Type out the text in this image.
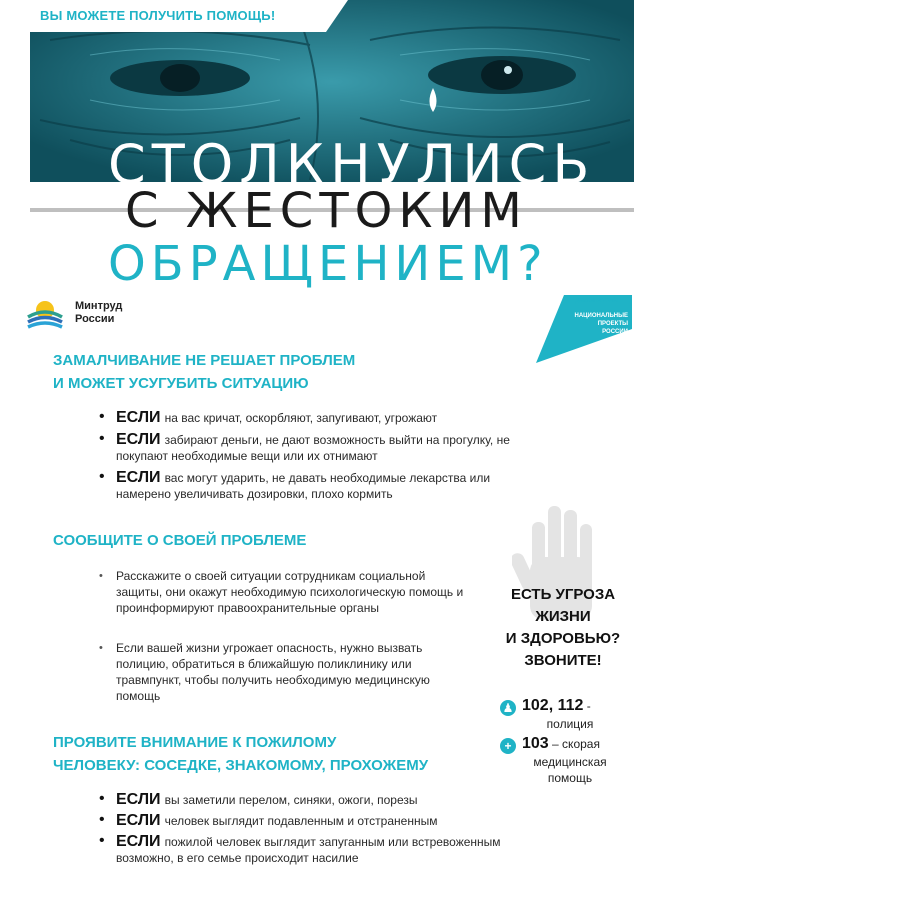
ВЫ МОЖЕТЕ ПОЛУЧИТЬ ПОМОЩЬ!
СТОЛКНУЛИСЬ
С ЖЕСТОКИМ
ОБРАЩЕНИЕМ?
Минтруд
России
ДЕМОГРАФИЯ
НАЦИОНАЛЬНЫЕ
ПРОЕКТЫ
РОССИИ
ЗАМАЛЧИВАНИЕ НЕ РЕШАЕТ ПРОБЛЕМ
И МОЖЕТ УСУГУБИТЬ СИТУАЦИЮ
• ЕСЛИ на вас кричат, оскорбляют, запугивают, угрожают
• ЕСЛИ забирают деньги, не дают возможность выйти на прогулку, не покупают необходимые вещи или их отнимают
• ЕСЛИ вас могут ударить, не давать необходимые лекарства или намерено увеличивать дозировки, плохо кормить
СООБЩИТЕ О СВОЕЙ ПРОБЛЕМЕ
• Расскажите о своей ситуации сотрудникам социальной защиты, они окажут необходимую психологическую помощь и проинформируют правоохранительные органы
• Если вашей жизни угрожает опасность, нужно вызвать полицию, обратиться в ближайшую поликлинику или травмпункт, чтобы получить необходимую медицинскую помощь
ЕСТЬ УГРОЗА
ЖИЗНИ
И ЗДОРОВЬЮ?
ЗВОНИТЕ!
♟ 102, 112 -
полиция
+ 103 – скорая
медицинская
помощь
ПРОЯВИТЕ ВНИМАНИЕ К ПОЖИЛОМУ
ЧЕЛОВЕКУ: СОСЕДКЕ, ЗНАКОМОМУ, ПРОХОЖЕМУ
• ЕСЛИ вы заметили перелом, синяки, ожоги, порезы
• ЕСЛИ человек выглядит подавленным и отстраненным
• ЕСЛИ пожилой человек выглядит запуганным или встревоженным возможно, в его семье происходит насилие
